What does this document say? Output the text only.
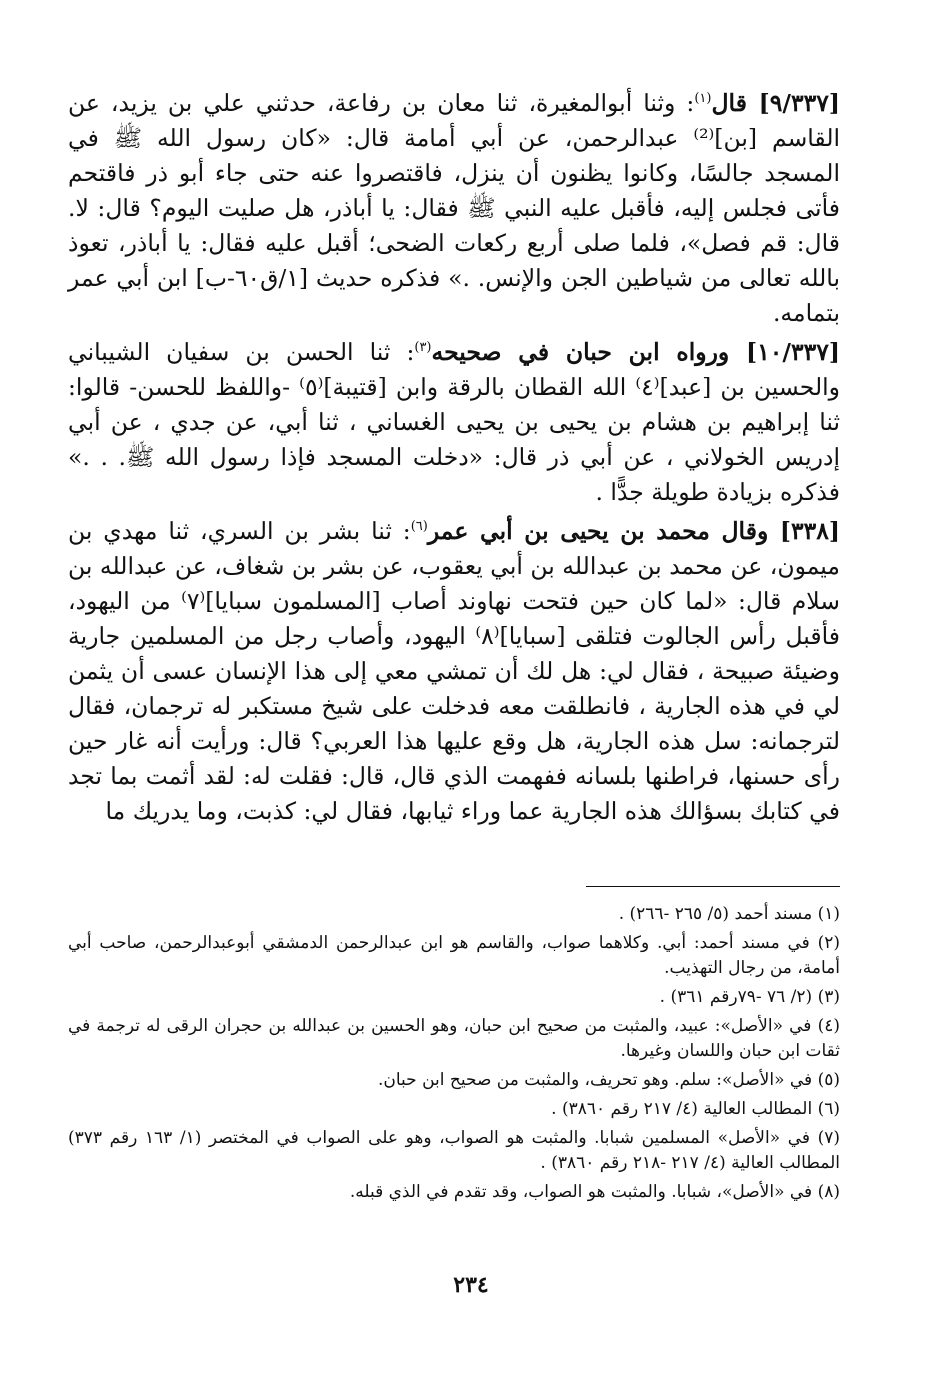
[٩/٣٣٧] قال$^{(١)}$: وثنا أبوالمغيرة، ثنا معان بن رفاعة، حدثني علي بن يزيد، عن القاسم [بن]⁽²⁾ عبدالرحمن، عن أبي أمامة قال: «كان رسول الله ﷺ في المسجد جالسًا، وكانوا يظنون أن ينزل، فاقتصروا عنه حتى جاء أبو ذر فاقتحم فأتى فجلس إليه، فأقبل عليه النبي ﷺ فقال: يا أباذر، هل صليت اليوم؟ قال: لا. قال: قم فصل»، فلما صلى أربع ركعات الضحى؛ أقبل عليه فقال: يا أباذر، تعوذ بالله تعالى من شياطين الجن والإنس. .» فذكره حديث [١/ق٦٠-ب] ابن أبي عمر بتمامه.

[١٠/٣٣٧] ورواه ابن حبان في صحيحه$^{(٣)}$: ثنا الحسن بن سفيان الشيباني والحسين بن [عبد]⁽٤⁾ الله القطان بالرقة وابن [قتيبة]⁽٥⁾ -واللفظ للحسن- قالوا: ثنا إبراهيم بن هشام بن يحيى بن يحيى الغساني ، ثنا أبي، عن جدي ، عن أبي إدريس الخولاني ، عن أبي ذر قال: «دخلت المسجد فإذا رسول الله ﷺ. . .» فذكره بزيادة طويلة جدًّا .

[٣٣٨] وقال محمد بن يحيى بن أبي عمر$^{(٦)}$: ثنا بشر بن السري، ثنا مهدي بن ميمون، عن محمد بن عبدالله بن أبي يعقوب، عن بشر بن شغاف، عن عبدالله بن سلام قال: «لما كان حين فتحت نهاوند أصاب [المسلمون سبايا]⁽٧⁾ من اليهود، فأقبل رأس الجالوت فتلقى [سبايا]⁽٨⁾ اليهود، وأصاب رجل من المسلمين جارية وضيئة صبيحة ، فقال لي: هل لك أن تمشي معي إلى هذا الإنسان عسى أن يثمن لي في هذه الجارية ، فانطلقت معه فدخلت على شيخ مستكبر له ترجمان، فقال لترجمانه: سل هذه الجارية، هل وقع عليها هذا العربي؟ قال: ورأيت أنه غار حين رأى حسنها، فراطنها بلسانه ففهمت الذي قال، قال: فقلت له: لقد أثمت بما تجد في كتابك بسؤالك هذه الجارية عما وراء ثيابها، فقال لي: كذبت، وما يدريك ما

(١) مسند أحمد (٥/ ٢٦٥ -٢٦٦) .
(٢) في مسند أحمد: أبي. وكلاهما صواب، والقاسم هو ابن عبدالرحمن الدمشقي أبوعبدالرحمن، صاحب أبي أمامة، من رجال التهذيب.
(٣) (٢/ ٧٦ -٧٩رقم ٣٦١) .
(٤) في «الأصل»: عبيد، والمثبت من صحيح ابن حبان، وهو الحسين بن عبدالله بن حجران الرقى له ترجمة في ثقات ابن حبان واللسان وغيرها.
(٥) في «الأصل»: سلم. وهو تحريف، والمثبت من صحيح ابن حبان.
(٦) المطالب العالية (٤/ ٢١٧ رقم ٣٨٦٠) .
(٧) في «الأصل» المسلمين شبابا. والمثبت هو الصواب، وهو على الصواب في المختصر (١/ ١٦٣ رقم ٣٧٣) المطالب العالية (٤/ ٢١٧ -٢١٨ رقم ٣٨٦٠) .
(٨) في «الأصل»، شبابا. والمثبت هو الصواب، وقد تقدم في الذي قبله.
٢٣٤
